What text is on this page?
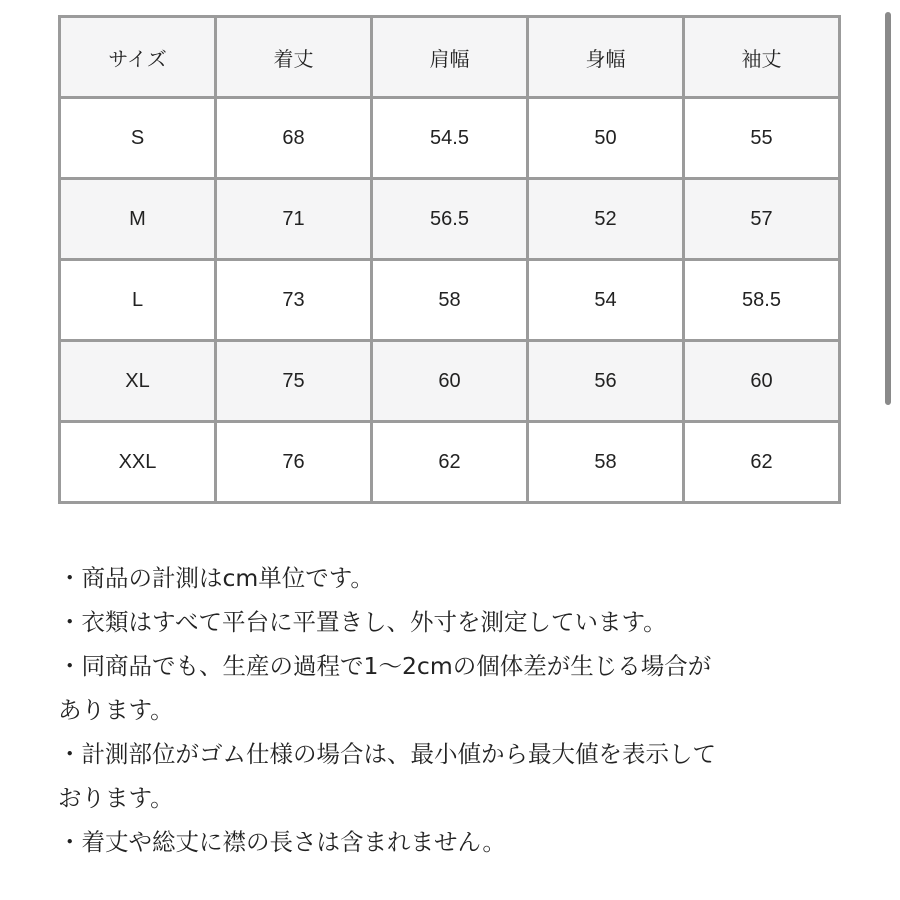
サイズ	着丈	肩幅	身幅	袖丈
S	68	54.5	50	55
M	71	56.5	52	57
L	73	58	54	58.5
XL	75	60	56	60
XXL	76	62	58	62
・商品の計測はcm単位です。
・衣類はすべて平台に平置きし、外寸を測定しています。
・同商品でも、生産の過程で1〜2cmの個体差が生じる場合が
あります。
・計測部位がゴム仕様の場合は、最小値から最大値を表示して
おります。
・着丈や総丈に襟の長さは含まれません。
